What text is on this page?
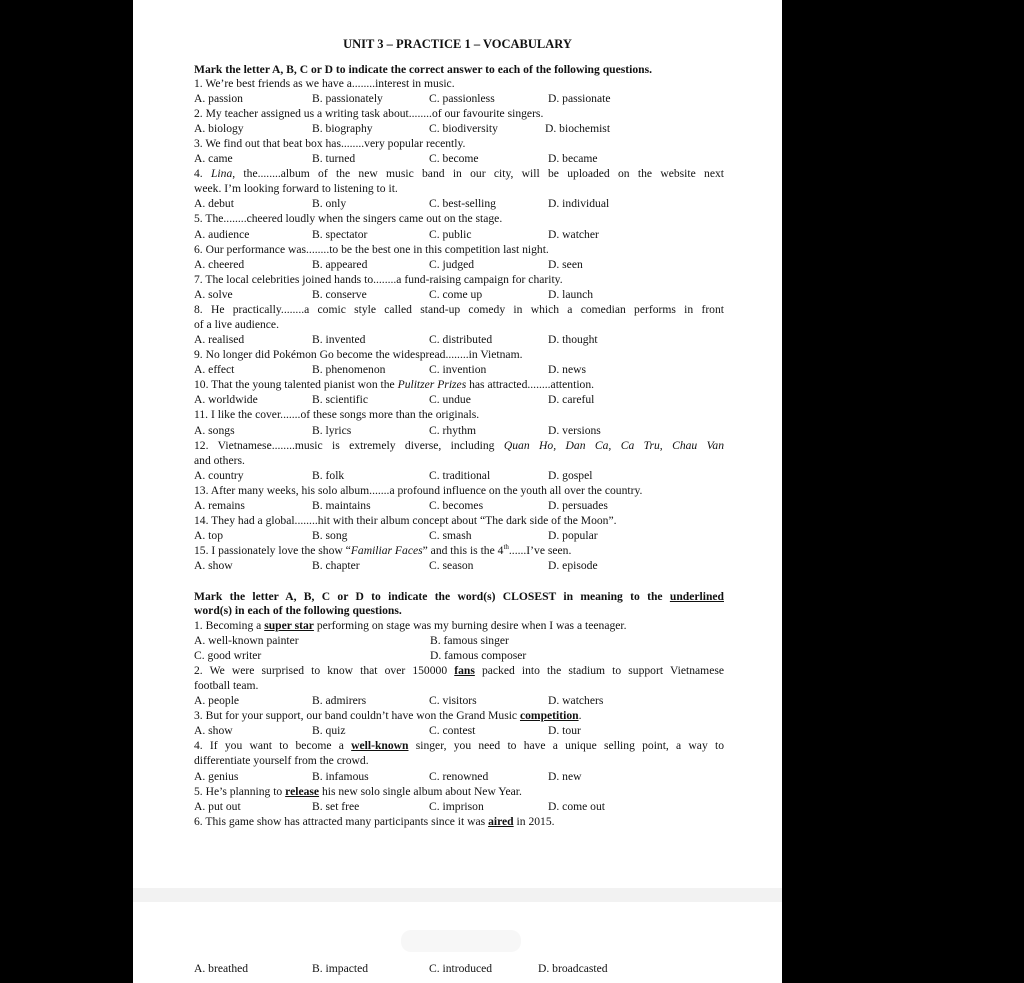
UNIT 3 – PRACTICE 1 – VOCABULARY
Mark the letter A, B, C or D to indicate the correct answer to each of the following questions.
1. We’re best friends as we have a........interest in music.
A. passion	B. passionately	C. passionless	D. passionate
2. My teacher assigned us a writing task about........of our favourite singers.
A. biology	B. biography	C. biodiversity	D. biochemist
3. We find out that beat box has........very popular recently.
A. came	B. turned	C. become	D. became
4. Lina, the........album of the new music band in our city, will be uploaded on the website next
week. I’m looking forward to listening to it.
A. debut	B. only	C. best-selling	D. individual
5. The........cheered loudly when the singers came out on the stage.
A. audience	B. spectator	C. public	D. watcher
6. Our performance was........to be the best one in this competition last night.
A. cheered	B. appeared	C. judged	D. seen
7. The local celebrities joined hands to........a fund-raising campaign for charity.
A. solve	B. conserve	C. come up	D. launch
8. He practically........a comic style called stand-up comedy in which a comedian performs in front
of a live audience.
A. realised	B. invented	C. distributed	D. thought
9. No longer did Pokémon Go become the widespread........in Vietnam.
A. effect	B. phenomenon	C. invention	D. news
10. That the young talented pianist won the Pulitzer Prizes has attracted........attention.
A. worldwide	B. scientific	C. undue	D. careful
11. I like the cover.......of these songs more than the originals.
A. songs	B. lyrics	C. rhythm	D. versions
12. Vietnamese........music is extremely diverse, including Quan Ho, Dan Ca, Ca Tru, Chau Van
and others.
A. country	B. folk	C. traditional	D. gospel
13. After many weeks, his solo album.......a profound influence on the youth all over the country.
A. remains	B. maintains	C. becomes	D. persuades
14. They had a global........hit with their album concept about “The dark side of the Moon”.
A. top	B. song	C. smash	D. popular
15. I passionately love the show “Familiar Faces” and this is the 4th......I’ve seen.
A. show	B. chapter	C. season	D. episode
Mark the letter A, B, C or D to indicate the word(s) CLOSEST in meaning to the underlined
word(s) in each of the following questions.
1. Becoming a super star performing on stage was my burning desire when I was a teenager.
A. well-known painter	B. famous singer
C. good writer	D. famous composer
2. We were surprised to know that over 150000 fans packed into the stadium to support Vietnamese
football team.
A. people	B. admirers	C. visitors	D. watchers
3. But for your support, our band couldn’t have won the Grand Music competition.
A. show	B. quiz	C. contest	D. tour
4. If you want to become a well-known singer, you need to have a unique selling point, a way to
differentiate yourself from the crowd.
A. genius	B. infamous	C. renowned	D. new
5. He’s planning to release his new solo single album about New Year.
A. put out	B. set free	C. imprison	D. come out
6. This game show has attracted many participants since it was aired in 2015.
A. breathed	B. impacted	C. introduced	D. broadcasted
